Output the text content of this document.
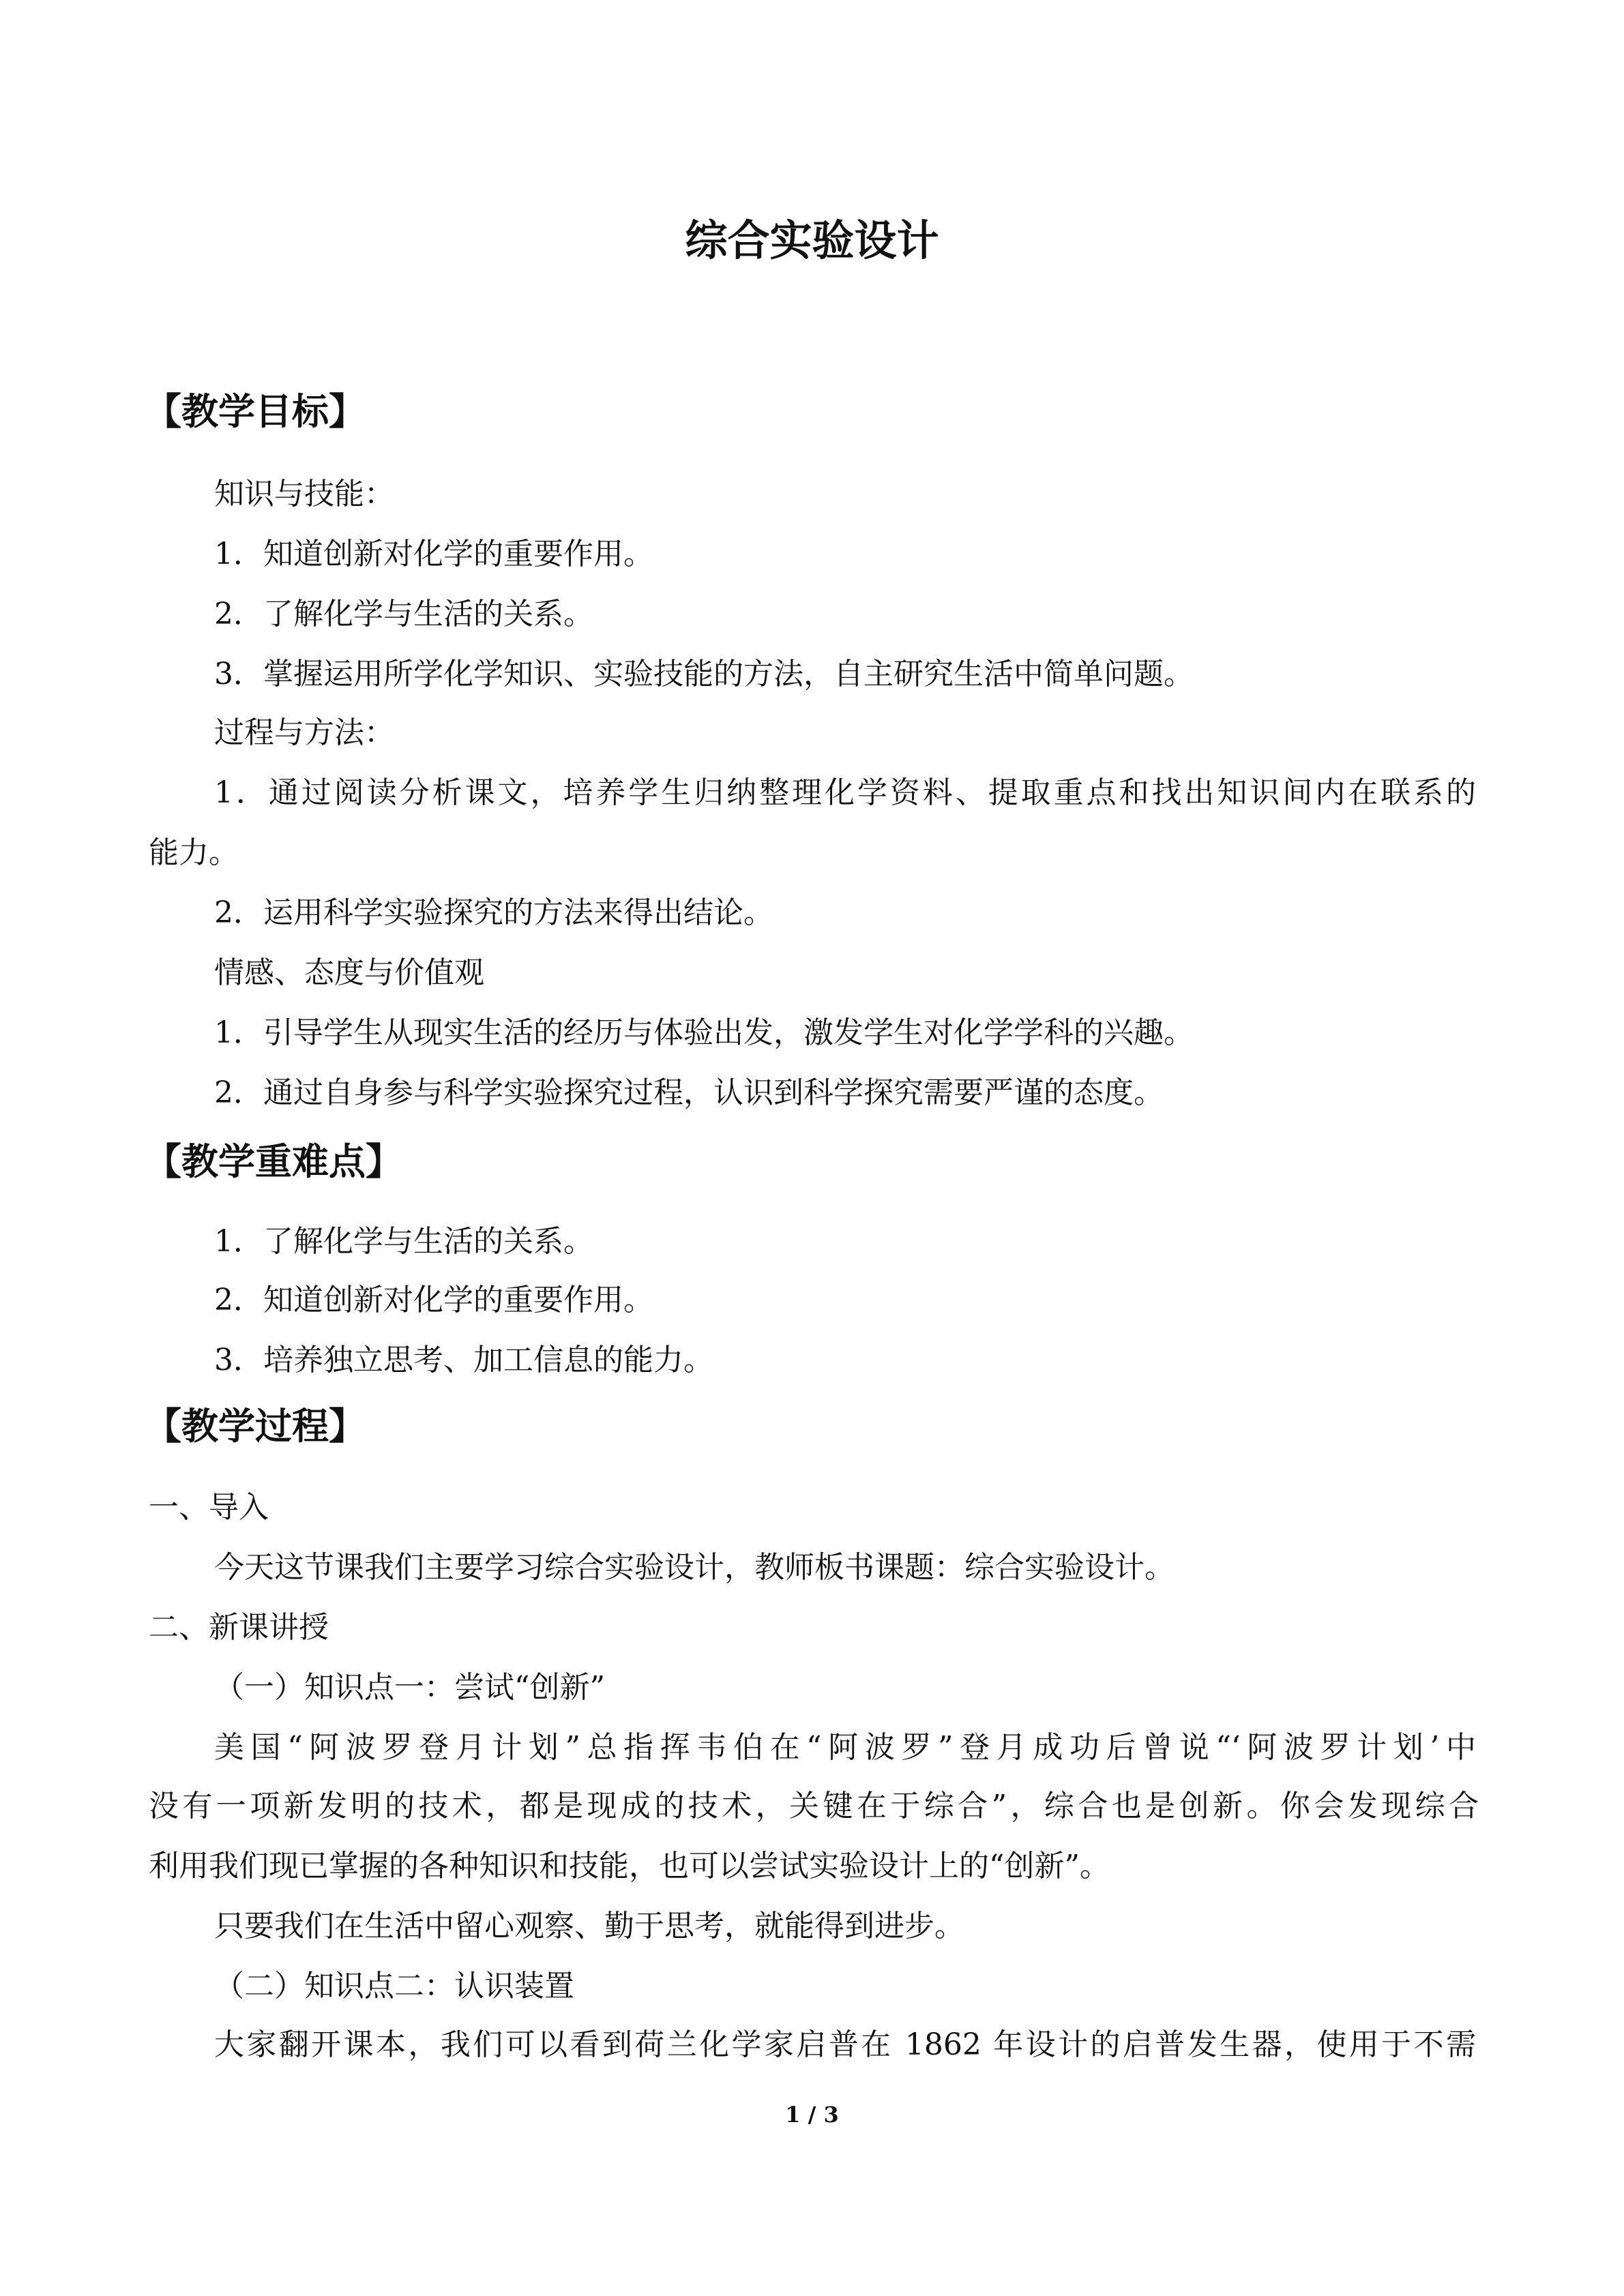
综合实验设计
【教学目标】
知识与技能：
1．知道创新对化学的重要作用。
2．了解化学与生活的关系。
3．掌握运用所学化学知识、实验技能的方法，自主研究生活中简单问题。
过程与方法：
1．通过阅读分析课文，培养学生归纳整理化学资料、提取重点和找出知识间内在联系的
能力。
2．运用科学实验探究的方法来得出结论。
情感、态度与价值观
1．引导学生从现实生活的经历与体验出发，激发学生对化学学科的兴趣。
2．通过自身参与科学实验探究过程，认识到科学探究需要严谨的态度。
【教学重难点】
1．了解化学与生活的关系。
2．知道创新对化学的重要作用。
3．培养独立思考、加工信息的能力。
【教学过程】
一、导入
今天这节课我们主要学习综合实验设计，教师板书课题：综合实验设计。
二、新课讲授
（一）知识点一：尝试“创新”
美国“阿波罗登月计划”总指挥韦伯在“阿波罗”登月成功后曾说“‘阿波罗计划’中
没有一项新发明的技术，都是现成的技术，关键在于综合”，综合也是创新。你会发现综合
利用我们现已掌握的各种知识和技能，也可以尝试实验设计上的“创新”。
只要我们在生活中留心观察、勤于思考，就能得到进步。
（二）知识点二：认识装置
大家翻开课本，我们可以看到荷兰化学家启普在 1862 年设计的启普发生器，使用于不需
1 / 3
